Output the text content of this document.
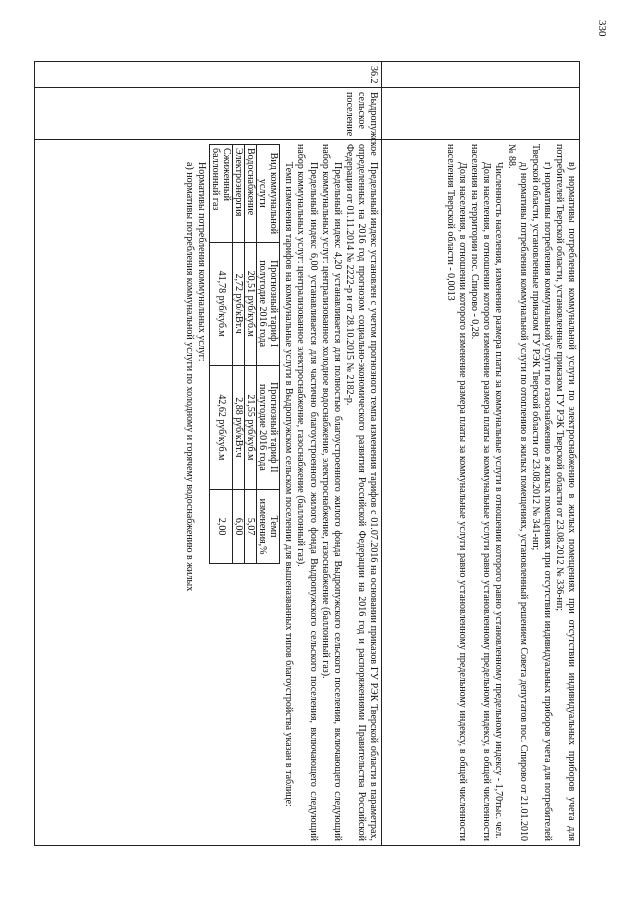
330

в) нормативы потребления коммунальной услуги по электроснабжению в жилых помещениях при отсутствии индивидуальных приборов учета для потребителей Тверской области, установленные приказом ГУ РЭК Тверской области от 23.08.2012 № 336-нп;

г) нормативы потребления коммунальной услуги по газоснабжению в жилых помещениях при отсутствии индивидуальных приборов учета для потребителей Тверской области, установленные приказом ГУ РЭК Тверской области от 23.08.2012 № 341-нп;

д) нормативы потребления коммунальной услуги по отоплению в жилых помещениях, установленный решением Совета депутатов пос. Спирово от 21.01.2010 № 88.

Численность населения, изменение размера платы за коммунальные услуги в отношении которого равно установленному предельному индексу - 1,70тыс. чел.

Доля населения, в отношении которого изменение размера платы за коммунальные услуги равно установленному предельному индексу, в общей численности населения на территории пос. Спирово - 0,28.

Доля населения, в отношении которого изменение размера платы за коммунальные услуги равно установленному предельному индексу, в общей численности населения Тверской области - 0,0013

36.2	Выдропужское сельское поселение	

Предельный индекс установлен с учетом прогнозного темпа изменения тарифов с 01.07.2016 на основании приказов ГУ РЭК Тверской области в параметрах, определенных на 2016 год прогнозом социально-экономического развития Российской Федерации на 2016 год и распоряжениями Правительства Российской Федерации от 01.11.2014 № 2222-р и от 28.10.2015 № 2182-р.

Предельный индекс 4,20 устанавливается для полностью благоустроенного жилого фонда Выдропужского сельского поселения, включающего следующий набор коммунальных услуг: централизованное холодное водоснабжение, электроснабжение, газоснабжение (баллонный газ).

Предельный индекс 6,00 устанавливается для частично благоустроенного жилого фонда Выдропужского сельского поселения, включающего следующий набор коммунальных услуг: централизованное электроснабжение, газоснабжение (баллонный газ).

Темп изменения тарифов на коммунальные услуги в Выдропужском сельском поселении для вышеназванных типов благоустройства указан в таблице:

Вид коммунальной услуги	Прогнозный тариф I полугодие 2016 года	Прогнозный тариф II полугодие 2016 года	Темп изменения,%
Водоснабжение	20,51 руб/куб.м	21,55 руб/куб.м	5,07
Электроэнергия	2,72 руб/кВт.ч	2,88 руб/кВт.ч	6,00
Сжиженный баллонный газ	41,78 руб/куб.м	42,62 руб/куб.м	2,00

Нормативы потребления коммунальных услуг:

а) нормативы потребления коммунальной услуги по холодному и горячему водоснабжению в жилых
